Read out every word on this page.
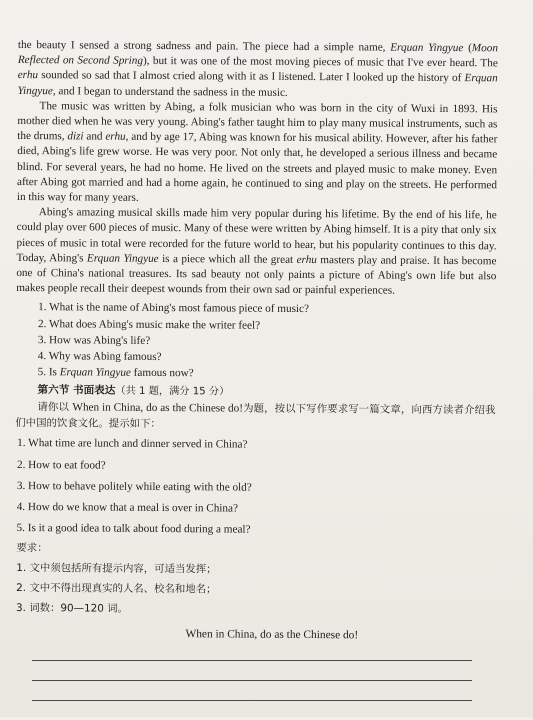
the beauty I sensed a strong sadness and pain. The piece had a simple name, Erquan Yingyue (Moon Reflected on Second Spring), but it was one of the most moving pieces of music that I've ever heard. The erhu sounded so sad that I almost cried along with it as I listened. Later I looked up the history of Erquan Yingyue, and I began to understand the sadness in the music.

The music was written by Abing, a folk musician who was born in the city of Wuxi in 1893. His mother died when he was very young. Abing's father taught him to play many musical instruments, such as the drums, dizi and erhu, and by age 17, Abing was known for his musical ability. However, after his father died, Abing's life grew worse. He was very poor. Not only that, he developed a serious illness and became blind. For several years, he had no home. He lived on the streets and played music to make money. Even after Abing got married and had a home again, he continued to sing and play on the streets. He performed in this way for many years.

Abing's amazing musical skills made him very popular during his lifetime. By the end of his life, he could play over 600 pieces of music. Many of these were written by Abing himself. It is a pity that only six pieces of music in total were recorded for the future world to hear, but his popularity continues to this day. Today, Abing's Erquan Yingyue is a piece which all the great erhu masters play and praise. It has become one of China's national treasures. Its sad beauty not only paints a picture of Abing's own life but also makes people recall their deepest wounds from their own sad or painful experiences.

1. What is the name of Abing's most famous piece of music?
2. What does Abing's music make the writer feel?
3. How was Abing's life?
4. Why was Abing famous?
5. Is Erquan Yingyue famous now?
第六节 书面表达（共 1 题，满分 15 分）

请你以 When in China, do as the Chinese do!为题，按以下写作要求写一篇文章，向西方读者介绍我们中国的饮食文化。提示如下：

1. What time are lunch and dinner served in China?
2. How to eat food?
3. How to behave politely while eating with the old?
4. How do we know that a meal is over in China?
5. Is it a good idea to talk about food during a meal?
要求：
1. 文中须包括所有提示内容，可适当发挥；
2. 文中不得出现真实的人名、校名和地名；
3. 词数：90—120 词。
When in China, do as the Chinese do!
